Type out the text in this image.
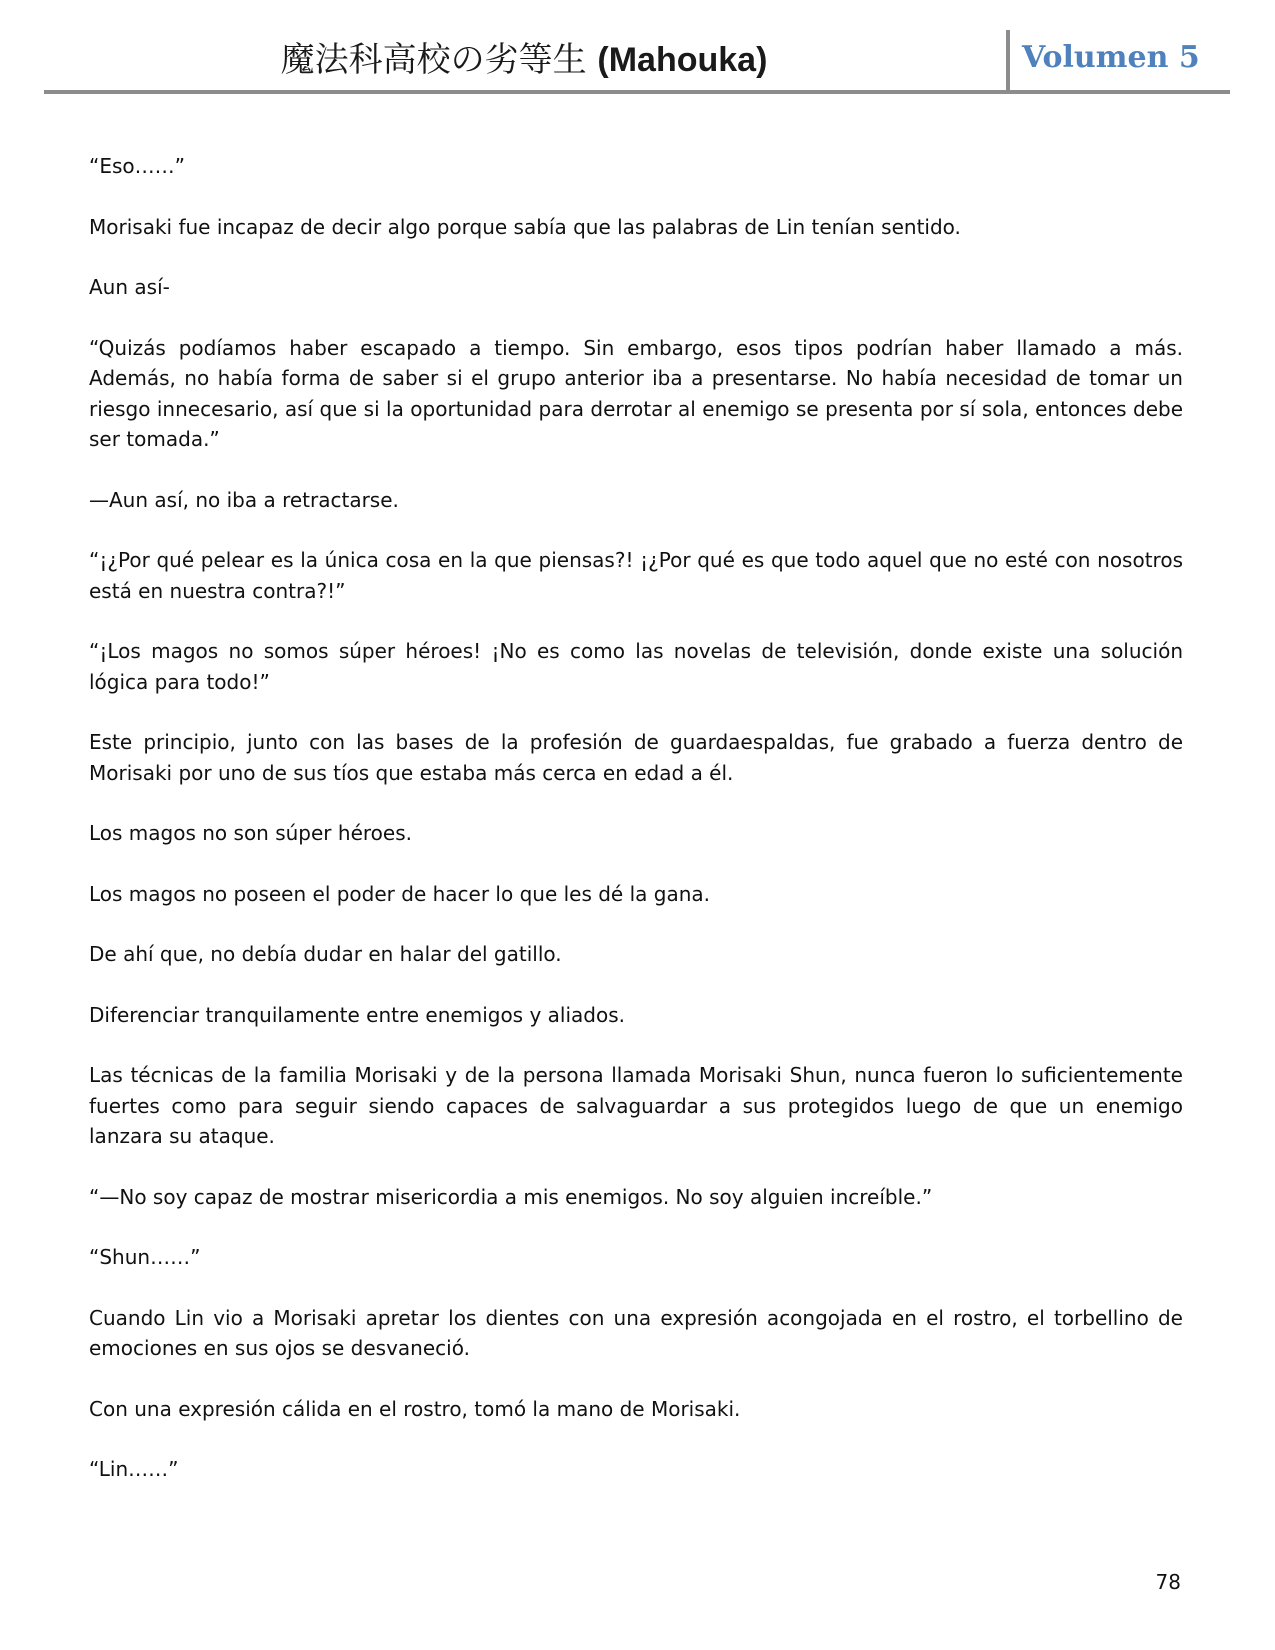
魔法科高校の劣等生 (Mahouka)	Volumen 5

“Eso……”

Morisaki fue incapaz de decir algo porque sabía que las palabras de Lin tenían sentido.

Aun así-

“Quizás podíamos haber escapado a tiempo. Sin embargo, esos tipos podrían haber llamado a más. Además, no había forma de saber si el grupo anterior iba a presentarse. No había necesidad de tomar un riesgo innecesario, así que si la oportunidad para derrotar al enemigo se presenta por sí sola, entonces debe ser tomada.”

—Aun así, no iba a retractarse.

“¡¿Por qué pelear es la única cosa en la que piensas?! ¡¿Por qué es que todo aquel que no esté con nosotros está en nuestra contra?!”

“¡Los magos no somos súper héroes! ¡No es como las novelas de televisión, donde existe una solución lógica para todo!”

Este principio, junto con las bases de la profesión de guardaespaldas, fue grabado a fuerza dentro de Morisaki por uno de sus tíos que estaba más cerca en edad a él.

Los magos no son súper héroes.

Los magos no poseen el poder de hacer lo que les dé la gana.

De ahí que, no debía dudar en halar del gatillo.

Diferenciar tranquilamente entre enemigos y aliados.

Las técnicas de la familia Morisaki y de la persona llamada Morisaki Shun, nunca fueron lo suficientemente fuertes como para seguir siendo capaces de salvaguardar a sus protegidos luego de que un enemigo lanzara su ataque.

“—No soy capaz de mostrar misericordia a mis enemigos. No soy alguien increíble.”

“Shun……”

Cuando Lin vio a Morisaki apretar los dientes con una expresión acongojada en el rostro, el torbellino de emociones en sus ojos se desvaneció.

Con una expresión cálida en el rostro, tomó la mano de Morisaki.

“Lin……”

78
